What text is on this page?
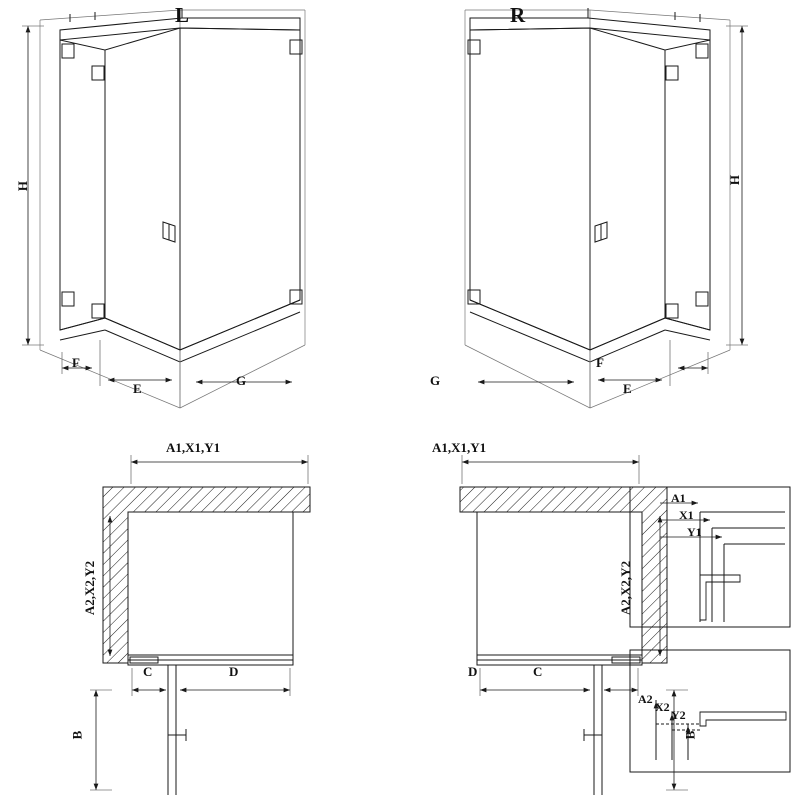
L	R
H
H
F
E
G
F
E
G
A1,X1,Y1
A2,X2,Y2
C	D
B
A1,X1,Y1
A2,X2,Y2
C
D
B
A1
X1
Y1
A2
X2
Y2
